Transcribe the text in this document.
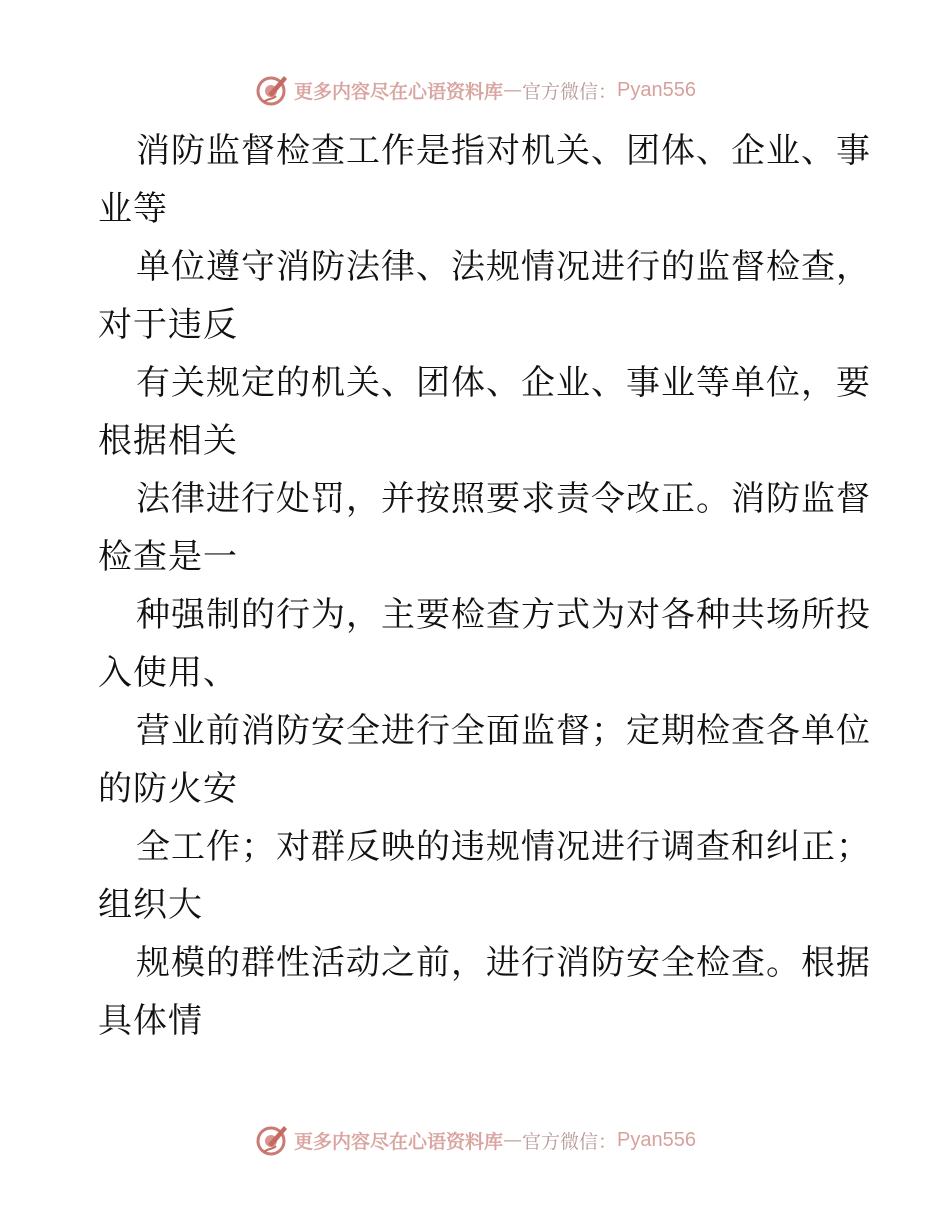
更多内容尽在心语资料库 — 官方微信： Pyan556
消防监督检查工作是指对机关、团体、企业、事
业等
单位遵守消防法律、法规情况进行的监督检查，
对于违反
有关规定的机关、团体、企业、事业等单位，要
根据相关
法律进行处罚，并按照要求责令改正。消防监督
检查是一
种强制的行为，主要检查方式为对各种共场所投
入使用、
营业前消防安全进行全面监督；定期检查各单位
的防火安
全工作；对群反映的违规情况进行调查和纠正；
组织大
规模的群性活动之前，进行消防安全检查。根据
具体情
更多内容尽在心语资料库 — 官方微信： Pyan556
